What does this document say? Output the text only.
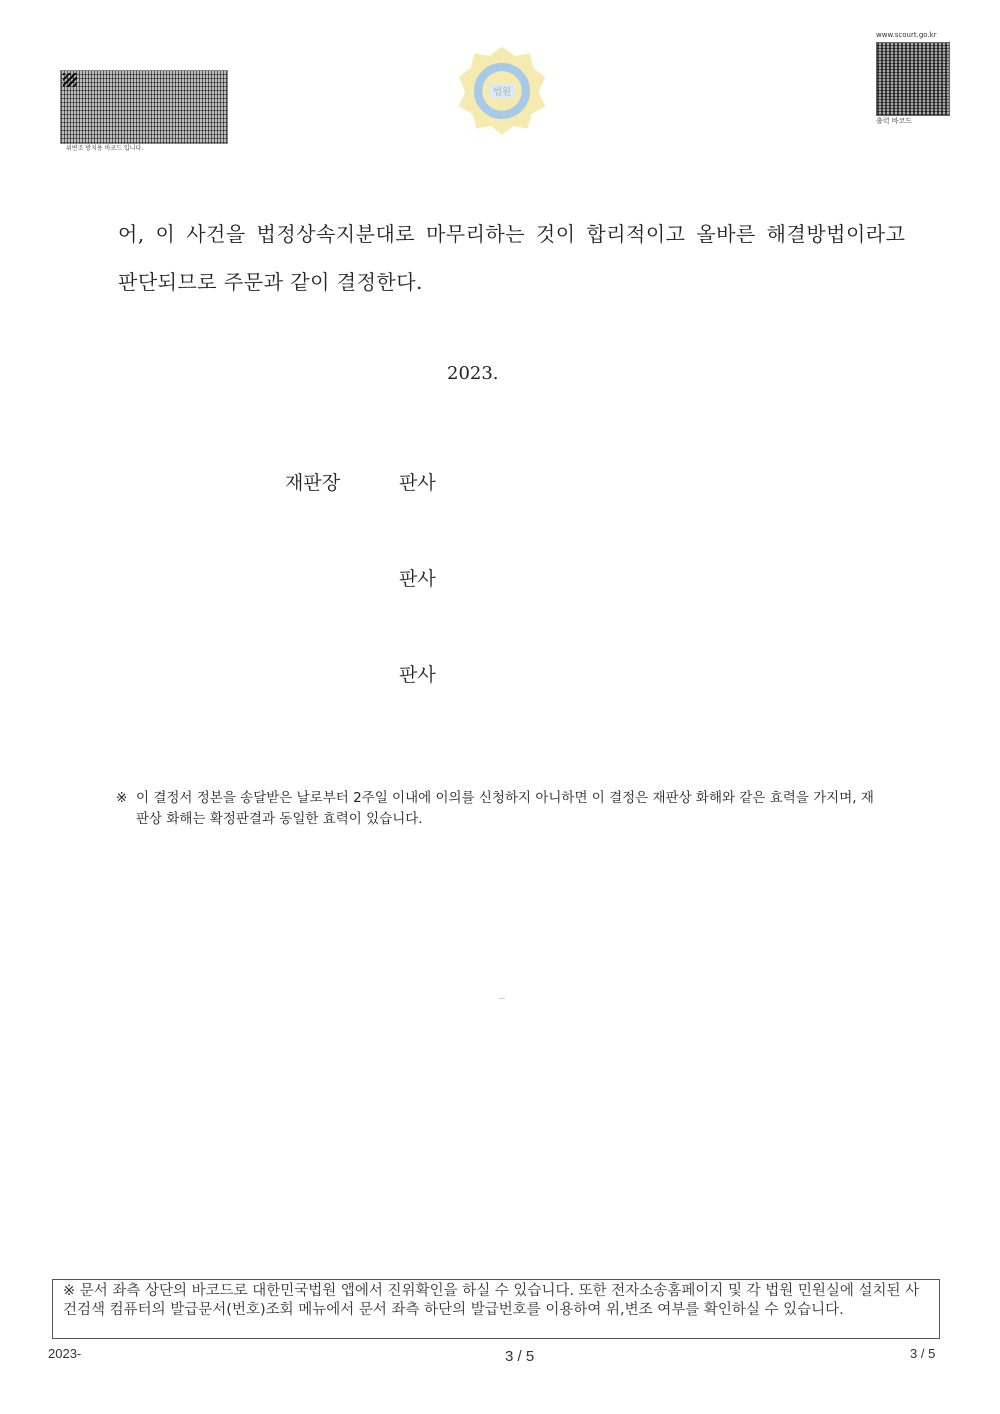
위변조 방지용 바코드 입니다.
법원
www.scourt.go.kr
출력 바코드
어, 이 사건을 법정상속지분대로 마무리하는 것이 합리적이고 올바른 해결방법이라고
판단되므로 주문과 같이 결정한다.
2023.
재판장	판사
판사
판사
※ 이 결정서 정본을 송달받은 날로부터 2주일 이내에 이의를 신청하지 아니하면 이 결정은 재판상 화해와 같은 효력을 가지며, 재판상 화해는 확정판결과 동일한 효력이 있습니다.
※ 문서 좌측 상단의 바코드로 대한민국법원 앱에서 진위확인을 하실 수 있습니다. 또한 전자소송홈페이지 및 각 법원 민원실에 설치된 사건검색 컴퓨터의 발급문서(번호)조회 메뉴에서 문서 좌측 하단의 발급번호를 이용하여 위,변조 여부를 확인하실 수 있습니다.
2023-	3 / 5	3 / 5
